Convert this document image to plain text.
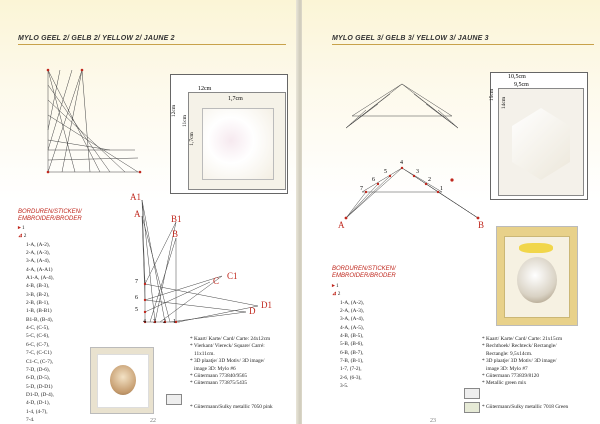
MYLO GEEL 2/ GELB 2/ YELLOW 2/ JAUNE 2
12cm
1,7cm
12cm
11cm
1,7cm
BORDUREN/STICKEN/
EMBROIDER/BRODER
▸ 1
⊿ 2
1-A, (A-2),
2-A, (A-3),
3-A, (A-4),
4-A, (A-A1)
A1-A, (A-4),
4-B, (B-3),
3-B, (B-2),
2-B, (B-1),
1-B, (B-B1)
B1-B, (B-4),
4-C, (C-5),
5-C, (C-6),
6-C, (C-7),
7-C, (C-C1)
C1-C, (C-7),
7-D, (D-6),
6-D, (D-5),
5-D, (D-D1)
D1-D, (D-4),
4-D, (D-1),
1-4, (4-7),
7-4.
A1
A	B1
B
C1
C
D1
D
7
6
5
4 3 2 1
* Kaart/ Karte/ Card/ Carte: 24x12cm
* Vierkant/ Viereck/ Square/ Carré:
11x11cm.
* 3D plaatje/ 3D Motiv/ 3D image/
image 3D: Mylo #6
* Gütermann 773840/9565
* Gütermann 773875/5435
* Gütermann/Sulky metallic 7050 pink
22
MYLO GEEL 3/ GELB 3/ YELLOW 3/ JAUNE 3
A	B
4
5	3
6	2
7	1
10,5cm
9,5cm
15cm
14cm
BORDUREN/STICKEN/
EMBROIDER/BRODER
▸ 1
⊿ 2
1-A, (A-2),
2-A, (A-3),
3-A, (A-4),
4-A, (A-5),
4-B, (B-5),
5-B, (B-6),
6-B, (B-7),
7-B, (B-1),
1-7, (7-2),
2-6, (6-3),
3-5.
* Kaart/ Karte/ Card/ Carte: 21x15cm
* Rechthoek/ Rechteck/ Rectangle/
Rectangle: 9,5x14cm.
* 3D plaatje/ 3D Motiv/ 3D image/
image 3D: Mylo #7
* Gütermann 773839/8120
* Metallic green mix
* Gütermann/Sulky metallic 7018 Green
23
